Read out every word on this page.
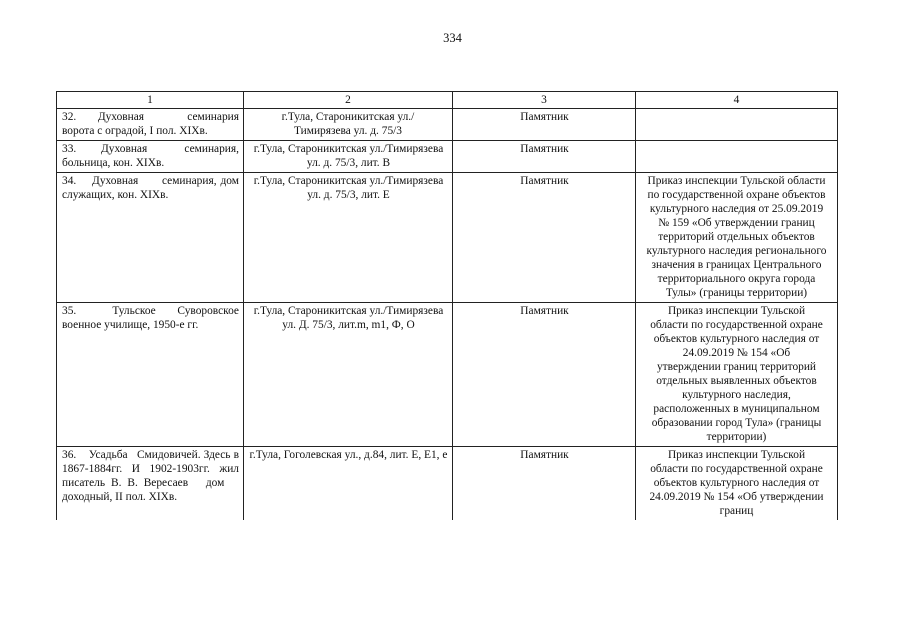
334
1	2	3	4
32.      Духовная            семинария ворота с оградой, I пол. XIXв.	г.Тула, Староникитская ул./Тимирязева ул. д. 75/3	Памятник	
33.    Духовная      семинария, больница, кон. XIXв.	г.Тула, Староникитская ул./Тимирязева ул. д. 75/3, лит. В	Памятник	
34.    Духовная      семинария, дом служащих, кон. XIXв.	г.Тула, Староникитская ул./Тимирязева ул. д. 75/3, лит. Е	Памятник	Приказ инспекции Тульской области по государственной охране объектов культурного наследия от 25.09.2019 № 159 «Об утверждении границ территорий отдельных объектов культурного наследия регионального значения в границах Центрального территориального округа города Тулы» (границы территории)
35.     Тульское   Суворовское военное училище, 1950-е гг.	г.Тула, Староникитская ул./Тимирязева ул. Д. 75/3, лит.m, m1, Ф, О	Памятник	Приказ инспекции Тульской области по государственной охране объектов культурного наследия от 24.09.2019 № 154 «Об утверждении границ территорий отдельных выявленных объектов культурного наследия, расположенных в муниципальном образовании город Тула» (границы территории)
36.    Усадьба   Смидовичей. Здесь в 1867-1884гг. И 1902-1903гг. жил писатель В. В. Вересаев   дом    доходный, II пол. XIXв.	г.Тула, Гоголевская ул., д.84, лит. Е, Е1, е	Памятник	Приказ инспекции Тульской области по государственной охране объектов культурного наследия от 24.09.2019 № 154 «Об утверждении границ
